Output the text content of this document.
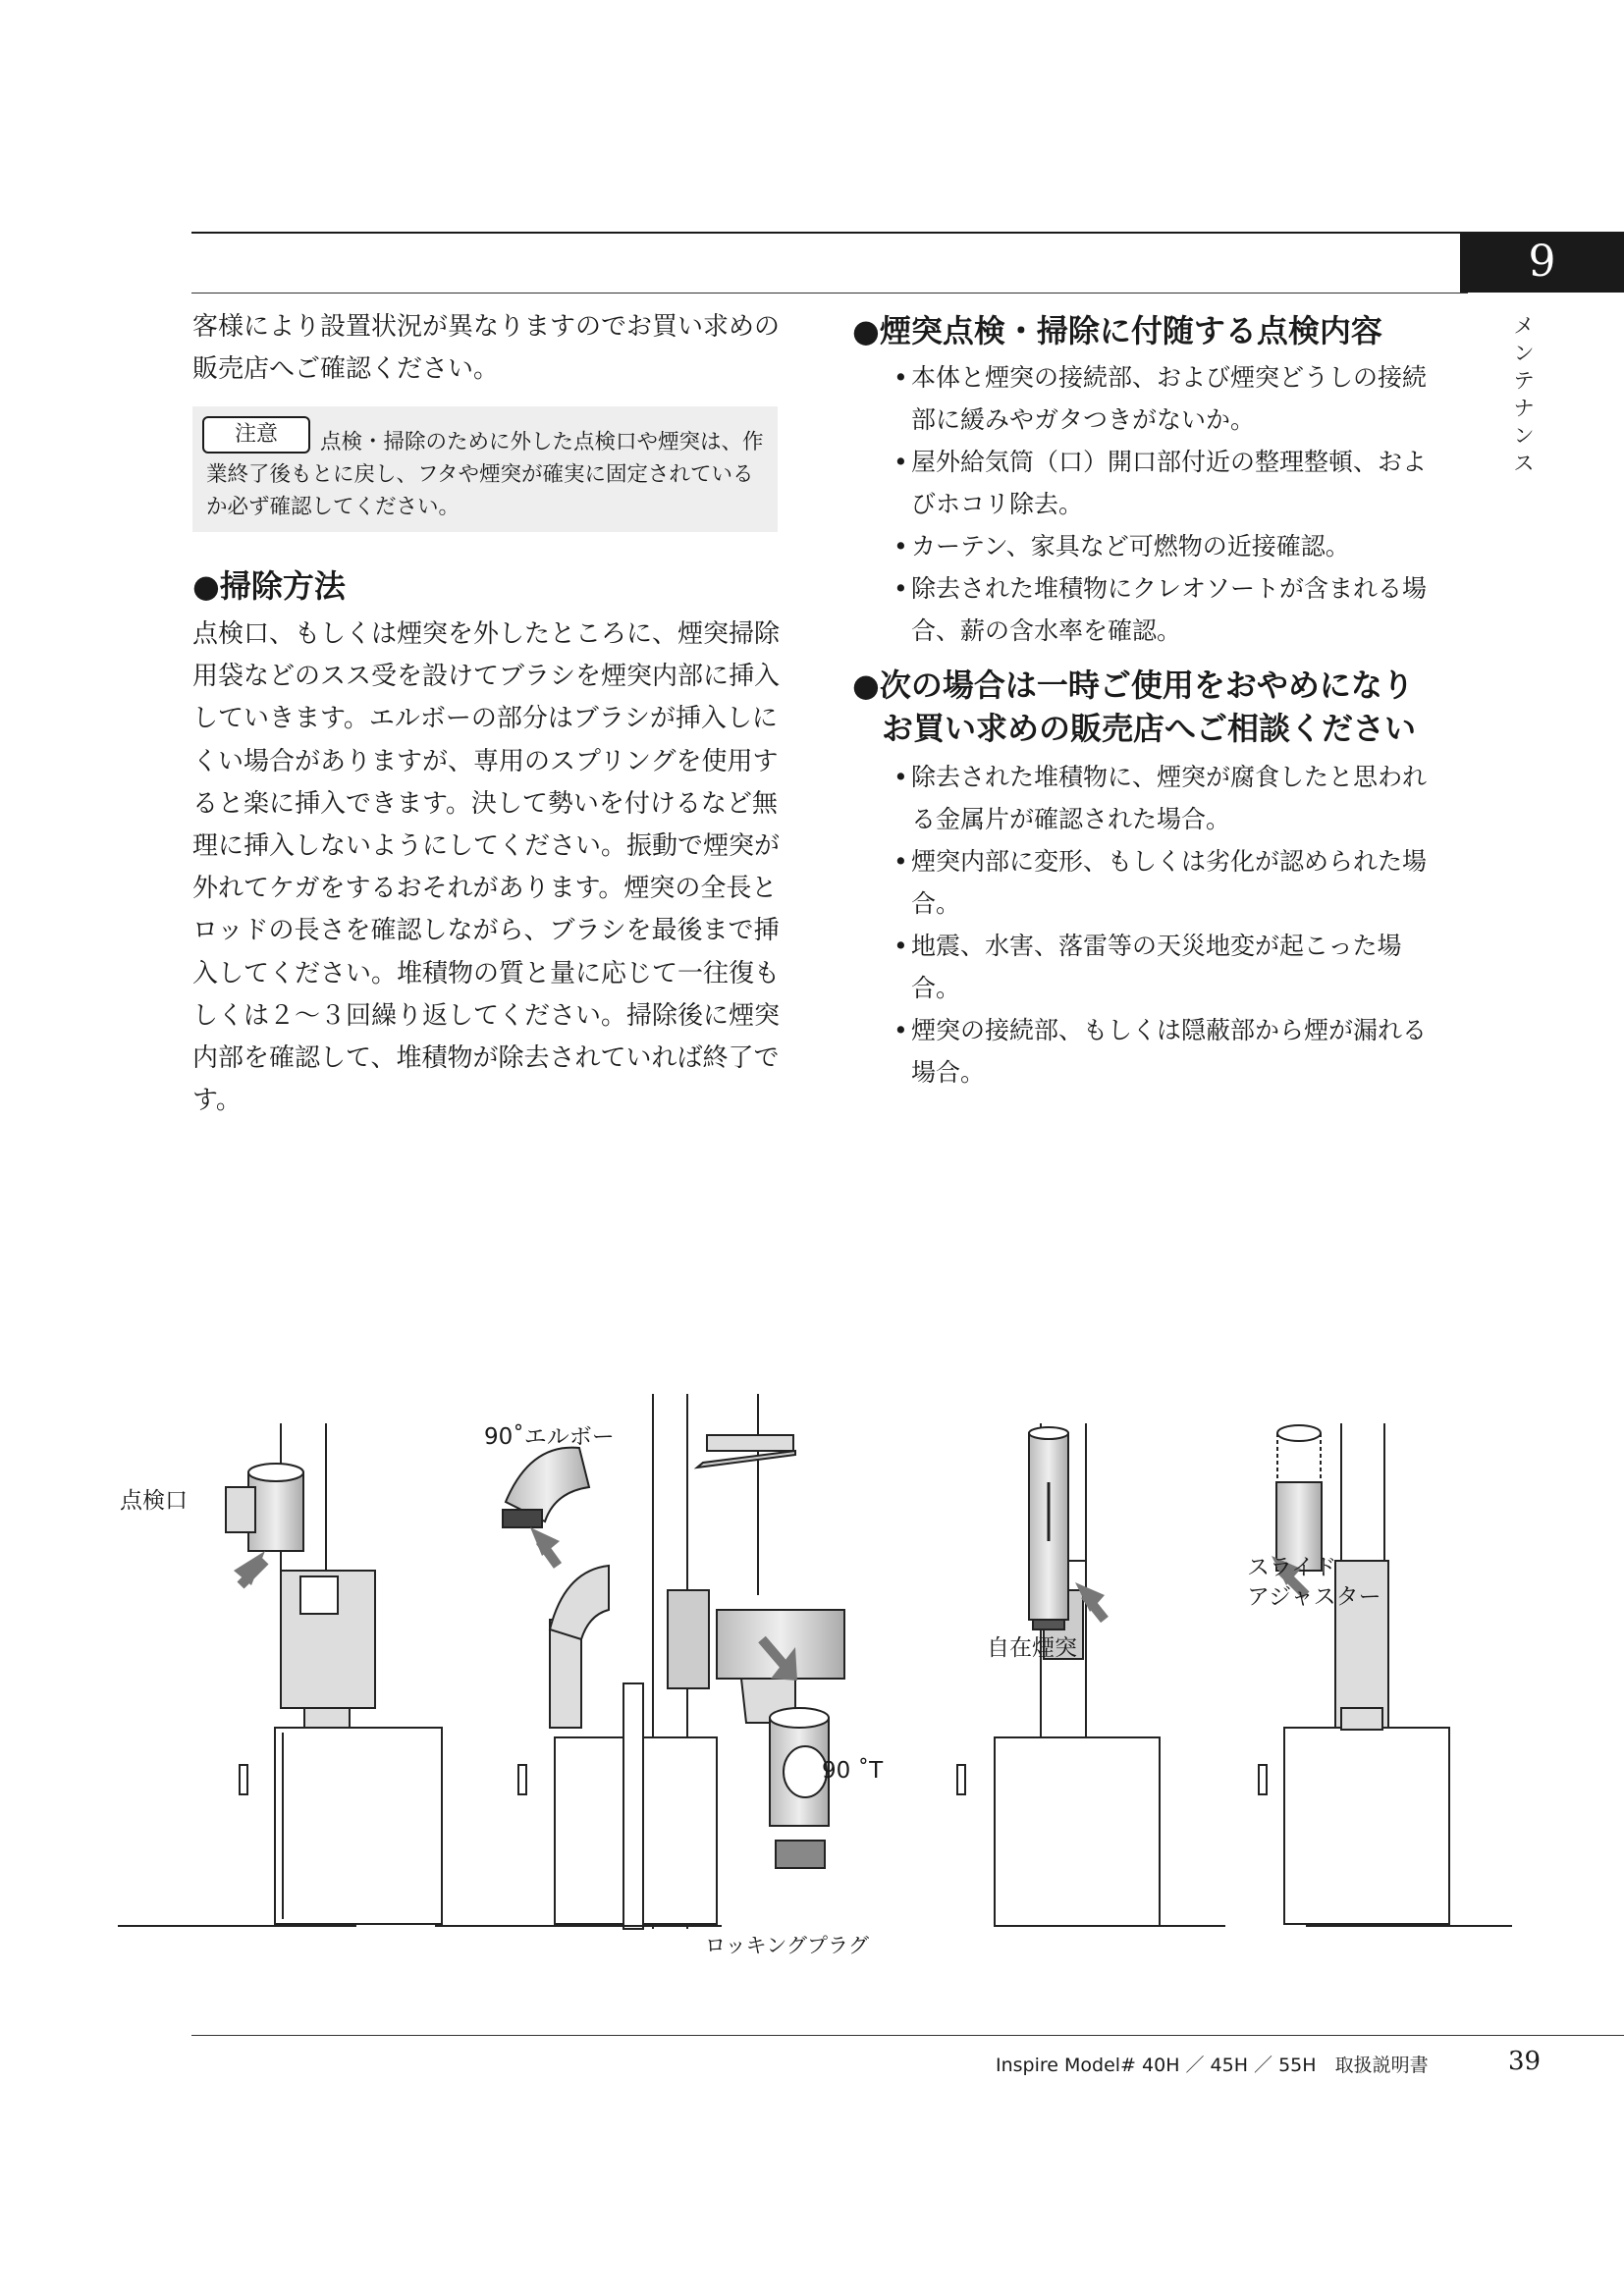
9
メ
ン
テ
ナ
ン
ス
客様により設置状況が異なりますのでお買い求めの販売店へご確認ください。
注意	点検・掃除のために外した点検口や煙突は、作業終了後もとに戻し、フタや煙突が確実に固定されているか必ず確認してください。
●掃除方法
点検口、もしくは煙突を外したところに、煙突掃除用袋などのスス受を設けてブラシを煙突内部に挿入していきます。エルボーの部分はブラシが挿入しにくい場合がありますが、専用のスプリングを使用すると楽に挿入できます。決して勢いを付けるなど無理に挿入しないようにしてください。振動で煙突が外れてケガをするおそれがあります。煙突の全長とロッドの長さを確認しながら、ブラシを最後まで挿入してください。堆積物の質と量に応じて一往復もしくは２～３回繰り返してください。掃除後に煙突内部を確認して、堆積物が除去されていれば終了です。
●煙突点検・掃除に付随する点検内容
• 本体と煙突の接続部、および煙突どうしの接続部に緩みやガタつきがないか。
• 屋外給気筒（口）開口部付近の整理整頓、およびホコリ除去。
• カーテン、家具など可燃物の近接確認。
• 除去された堆積物にクレオソートが含まれる場合、薪の含水率を確認。
●次の場合は一時ご使用をおやめになり
お買い求めの販売店へご相談ください
• 除去された堆積物に、煙突が腐食したと思われる金属片が確認された場合。
• 煙突内部に変形、もしくは劣化が認められた場合。
• 地震、水害、落雷等の天災地変が起こった場合。
• 煙突の接続部、もしくは隠蔽部から煙が漏れる場合。
点検口
90˚エルボー
90 ˚T
ロッキングプラグ
自在煙突
スライド
アジャスター
Inspire Model# 40H ／ 45H ／ 55H　取扱説明書	39
